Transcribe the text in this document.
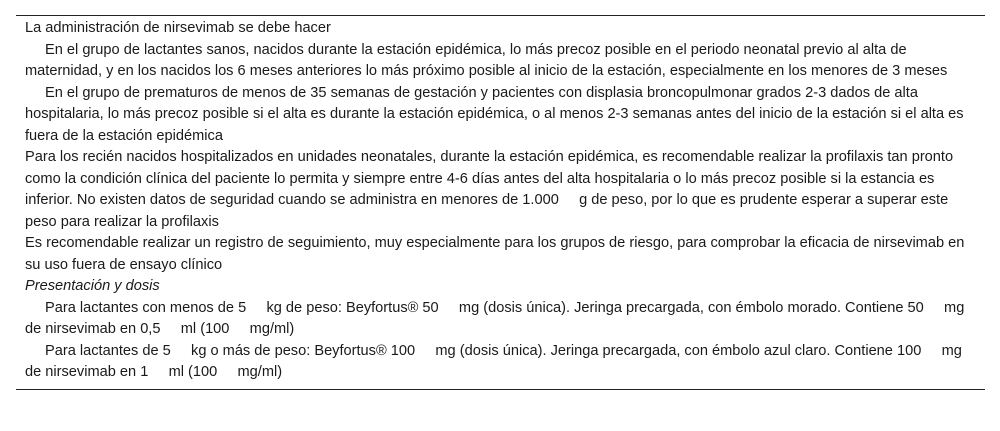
La administración de nirsevimab se debe hacer

En el grupo de lactantes sanos, nacidos durante la estación epidémica, lo más precoz posible en el periodo neonatal previo al alta de maternidad, y en los nacidos los 6 meses anteriores lo más próximo posible al inicio de la estación, especialmente en los menores de 3 meses

En el grupo de prematuros de menos de 35 semanas de gestación y pacientes con displasia broncopulmonar grados 2-3 dados de alta hospitalaria, lo más precoz posible si el alta es durante la estación epidémica, o al menos 2-3 semanas antes del inicio de la estación si el alta es fuera de la estación epidémica

Para los recién nacidos hospitalizados en unidades neonatales, durante la estación epidémica, es recomendable realizar la profilaxis tan pronto como la condición clínica del paciente lo permita y siempre entre 4-6 días antes del alta hospitalaria o lo más precoz posible si la estancia es inferior. No existen datos de seguridad cuando se administra en menores de 1.000     g de peso, por lo que es prudente esperar a superar este peso para realizar la profilaxis

Es recomendable realizar un registro de seguimiento, muy especialmente para los grupos de riesgo, para comprobar la eficacia de nirsevimab en su uso fuera de ensayo clínico

Presentación y dosis

Para lactantes con menos de 5     kg de peso: Beyfortus® 50     mg (dosis única). Jeringa precargada, con émbolo morado. Contiene 50     mg de nirsevimab en 0,5     ml (100     mg/ml)

Para lactantes de 5     kg o más de peso: Beyfortus® 100     mg (dosis única). Jeringa precargada, con émbolo azul claro. Contiene 100     mg de nirsevimab en 1     ml (100     mg/ml)
